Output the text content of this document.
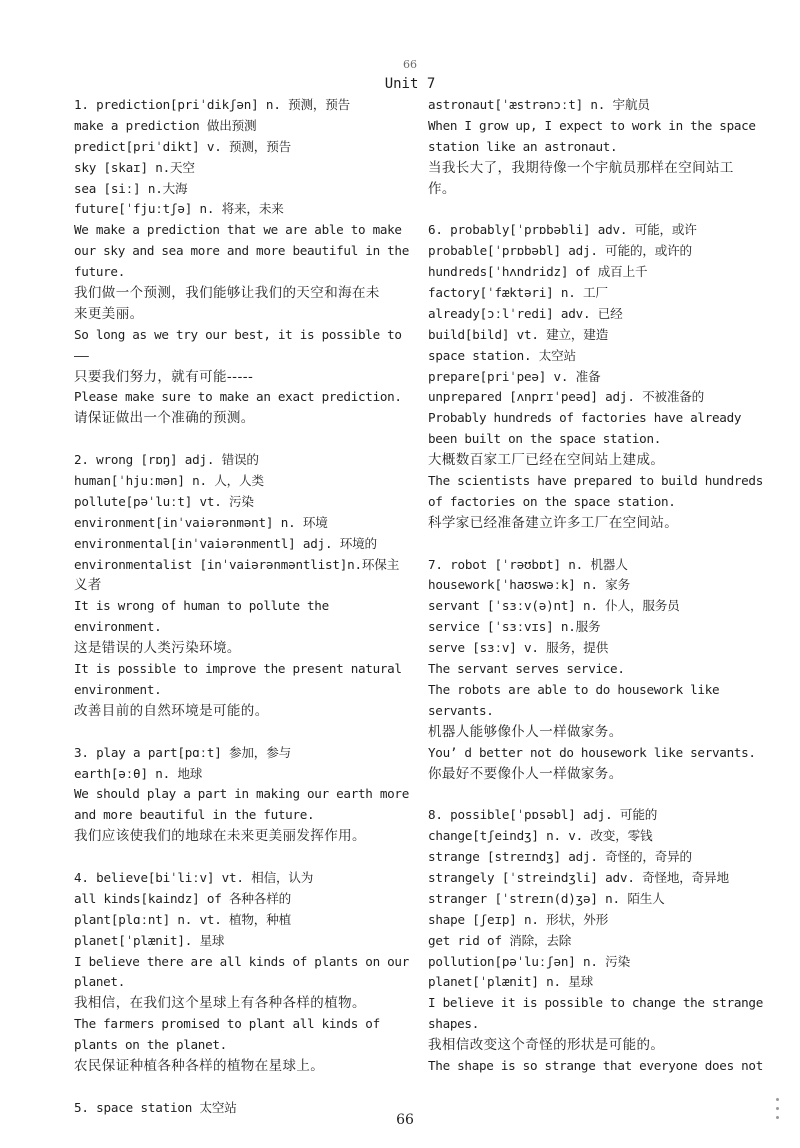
66
Unit 7
1. prediction[priˈdikʃən] n. 预测，预告
make a prediction 做出预测
predict[priˈdikt] v. 预测，预告
sky [skaɪ] n.天空
sea [siː] n.大海
future[ˈfjuːtʃə] n. 将来，未来
We make a prediction that we are able to make
our sky and sea more and more beautiful in the
future.
我们做一个预测，我们能够让我们的天空和海在未
来更美丽。
So long as we try our best, it is possible to
——
只要我们努力，就有可能-----
Please make sure to make an exact prediction.
请保证做出一个准确的预测。
2. wrong [rɒŋ] adj. 错误的
human[ˈhjuːmən] n. 人，人类
pollute[pəˈluːt] vt. 污染
environment[inˈvaiərənmənt] n. 环境
environmental[inˈvaiərənmentl] adj. 环境的
environmentalist [inˈvaiərənməntlist]n.环保主
义者
It is wrong of human to pollute the
environment.
这是错误的人类污染环境。
It is possible to improve the present natural
environment.
改善目前的自然环境是可能的。
3. play a part[pɑːt] 参加，参与
earth[əːθ] n. 地球
We should play a part in making our earth more
and more beautiful in the future.
我们应该使我们的地球在未来更美丽发挥作用。
4. believe[biˈliːv] vt. 相信，认为
all kinds[kaindz] of 各种各样的
plant[plɑːnt] n. vt. 植物，种植
planet[ˈplænit]. 星球
I believe there are all kinds of plants on our
planet.
我相信，在我们这个星球上有各种各样的植物。
The farmers promised to plant all kinds of
plants on the planet.
农民保证种植各种各样的植物在星球上。
5. space station 太空站
astronaut[ˈæstrənɔːt] n. 宇航员
When I grow up, I expect to work in the space
station like an astronaut.
当我长大了，我期待像一个宇航员那样在空间站工
作。
6. probably[ˈprɒbəbli] adv. 可能，或许
probable[ˈprɒbəbl] adj. 可能的，或许的
hundreds[ˈhʌndridz] of 成百上千
factory[ˈfæktəri] n. 工厂
already[ɔːlˈredi] adv. 已经
build[bild] vt. 建立，建造
space station. 太空站
prepare[priˈpeə] v. 准备
unprepared [ʌnprɪˈpeəd] adj. 不被准备的
Probably hundreds of factories have already
been built on the space station.
大概数百家工厂已经在空间站上建成。
The scientists have prepared to build hundreds
of factories on the space station.
科学家已经准备建立许多工厂在空间站。
7. robot [ˈrəʊbɒt] n. 机器人
housework[ˈhaʊswəːk] n. 家务
servant [ˈsɜːv(ə)nt] n. 仆人，服务员
service [ˈsɜːvɪs] n.服务
serve [sɜːv] v. 服务，提供
The servant serves service.
The robots are able to do housework like
servants.
机器人能够像仆人一样做家务。
You’ d better not do housework like servants.
你最好不要像仆人一样做家务。
8. possible[ˈpɒsəbl] adj. 可能的
change[tʃeindʒ] n. v. 改变，零钱
strange [streɪndʒ] adj. 奇怪的，奇异的
strangely [ˈstreindʒli] adv. 奇怪地，奇异地
stranger [ˈstreɪn(d)ʒə] n. 陌生人
shape [ʃeɪp] n. 形状，外形
get rid of 消除，去除
pollution[pəˈluːʃən] n. 污染
planet[ˈplænit] n. 星球
I believe it is possible to change the strange
shapes.
我相信改变这个奇怪的形状是可能的。
The shape is so strange that everyone does not
66
